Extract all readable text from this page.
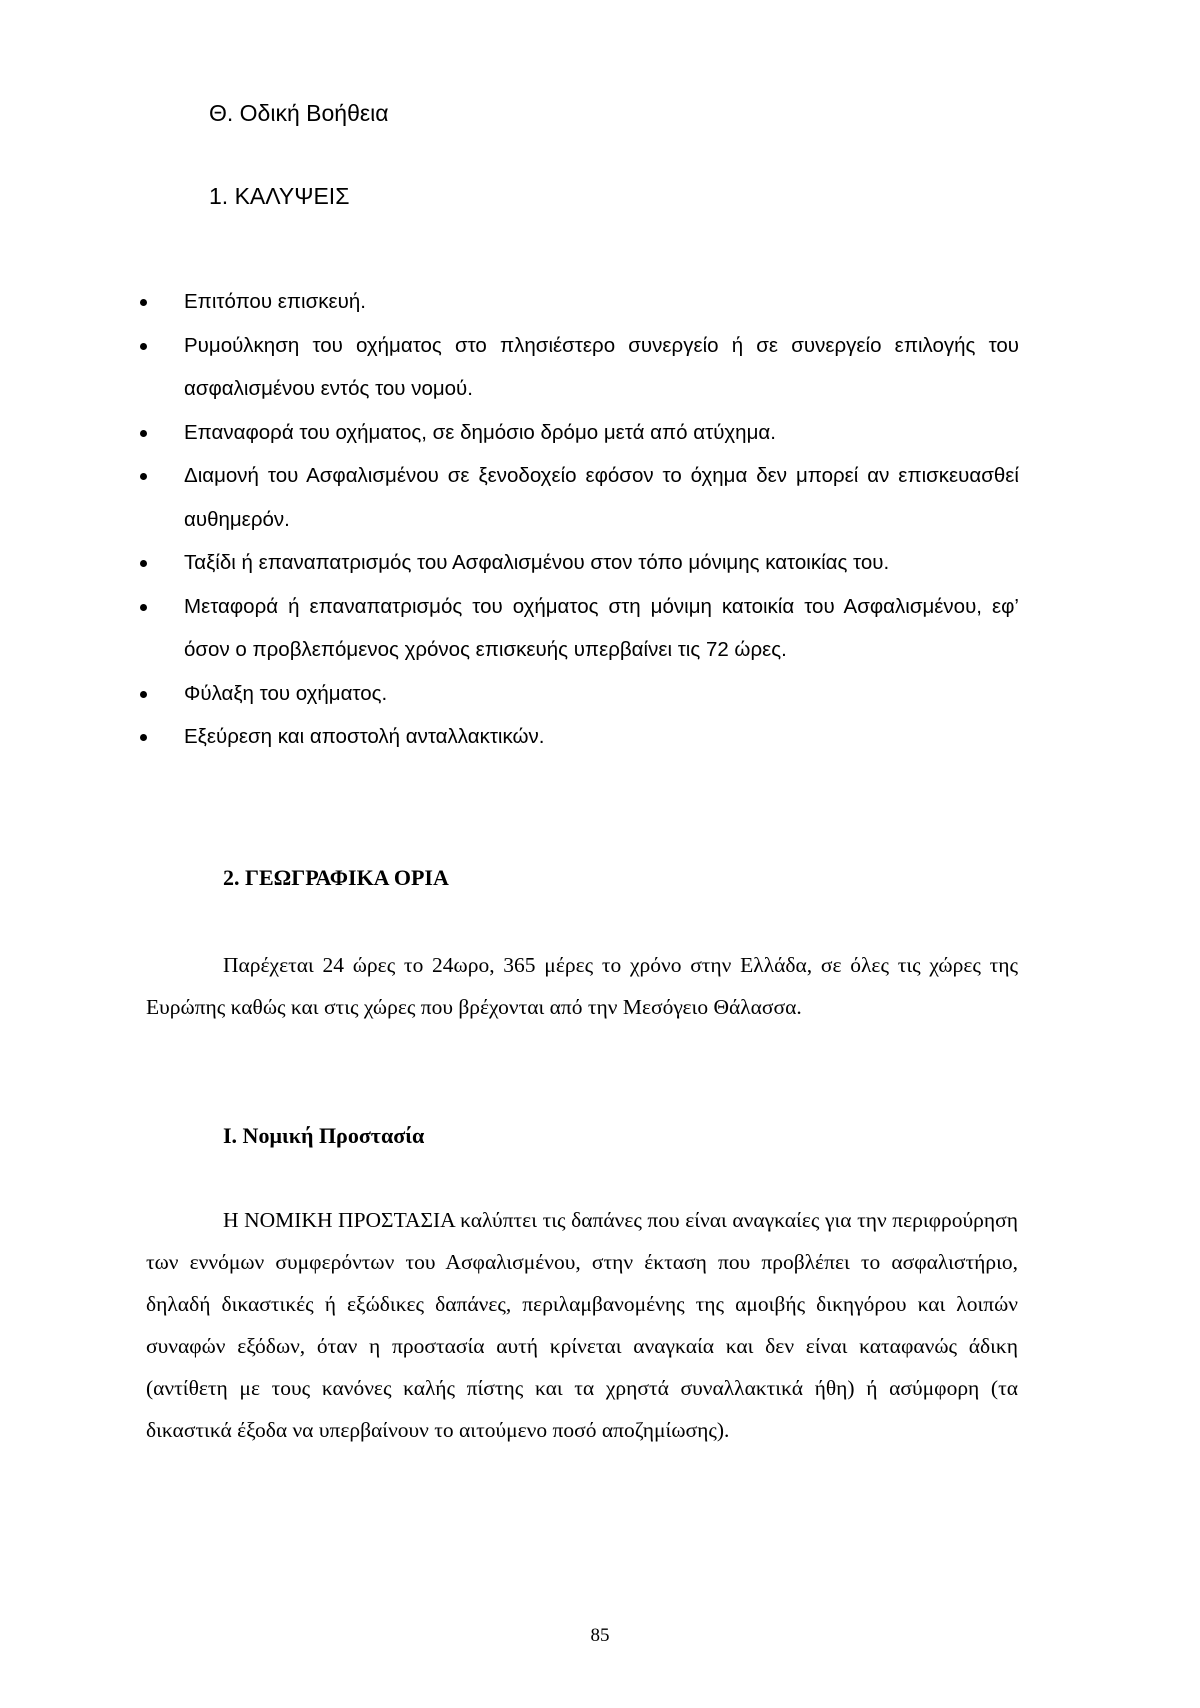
Θ. Οδική Βοήθεια
1. ΚΑΛΥΨΕΙΣ
Επιτόπου επισκευή.
Ρυμούλκηση του οχήματος στο πλησιέστερο συνεργείο ή σε συνεργείο επιλογής του ασφαλισμένου εντός του νομού.
Επαναφορά του οχήματος, σε δημόσιο δρόμο μετά από ατύχημα.
Διαμονή του Ασφαλισμένου σε ξενοδοχείο εφόσον το όχημα δεν μπορεί αν επισκευασθεί αυθημερόν.
Ταξίδι ή επαναπατρισμός του Ασφαλισμένου στον τόπο μόνιμης κατοικίας του.
Μεταφορά ή επαναπατρισμός του οχήματος στη μόνιμη κατοικία του Ασφαλισμένου, εφ’ όσον ο προβλεπόμενος χρόνος επισκευής υπερβαίνει τις 72 ώρες.
Φύλαξη του οχήματος.
Εξεύρεση και αποστολή ανταλλακτικών.
2. ΓΕΩΓΡΑΦΙΚΑ ΟΡΙΑ

Παρέχεται 24 ώρες το 24ωρο, 365 μέρες το χρόνο στην Ελλάδα, σε όλες τις χώρες της Ευρώπης καθώς και στις χώρες που βρέχονται από την Μεσόγειο Θάλασσα.

Ι. Νομική Προστασία

Η ΝΟΜΙΚΗ ΠΡΟΣΤΑΣΙΑ καλύπτει τις δαπάνες που είναι αναγκαίες για την περιφρούρηση των εννόμων συμφερόντων του Ασφαλισμένου, στην έκταση που προβλέπει το ασφαλιστήριο, δηλαδή δικαστικές ή εξώδικες δαπάνες, περιλαμβανομένης της αμοιβής δικηγόρου και λοιπών συναφών εξόδων, όταν η προστασία αυτή κρίνεται αναγκαία και δεν είναι καταφανώς άδικη (αντίθετη με τους κανόνες καλής πίστης και τα χρηστά συναλλακτικά ήθη) ή ασύμφορη (τα δικαστικά έξοδα να υπερβαίνουν το αιτούμενο ποσό αποζημίωσης).

85
